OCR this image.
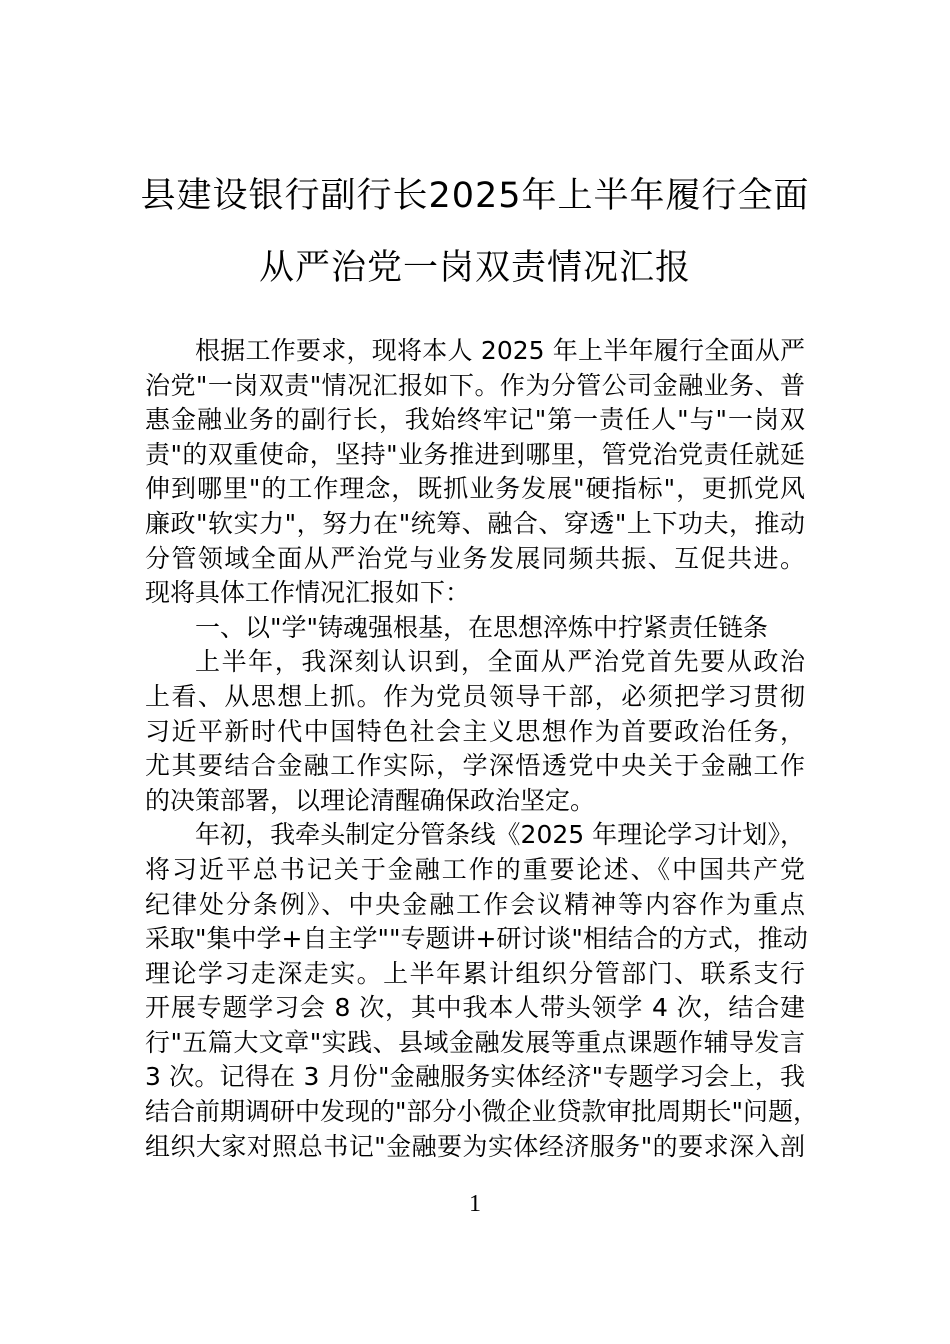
县建设银行副行长2025年上半年履行全面
从严治党一岗双责情况汇报
根据工作要求，现将本人 2025 年上半年履行全面从严
治党"一岗双责"情况汇报如下。作为分管公司金融业务、普
惠金融业务的副行长，我始终牢记"第一责任人"与"一岗双
责"的双重使命，坚持"业务推进到哪里，管党治党责任就延
伸到哪里"的工作理念，既抓业务发展"硬指标"，更抓党风
廉政"软实力"，努力在"统筹、融合、穿透"上下功夫，推动
分管领域全面从严治党与业务发展同频共振、互促共进。
现将具体工作情况汇报如下：
一、以"学"铸魂强根基，在思想淬炼中拧紧责任链条
上半年，我深刻认识到，全面从严治党首先要从政治
上看、从思想上抓。作为党员领导干部，必须把学习贯彻
习近平新时代中国特色社会主义思想作为首要政治任务，
尤其要结合金融工作实际，学深悟透党中央关于金融工作
的决策部署，以理论清醒确保政治坚定。
年初，我牵头制定分管条线《2025 年理论学习计划》，
将习近平总书记关于金融工作的重要论述、《中国共产党
纪律处分条例》、中央金融工作会议精神等内容作为重点
采取"集中学+自主学""专题讲+研讨谈"相结合的方式，推动
理论学习走深走实。上半年累计组织分管部门、联系支行
开展专题学习会 8 次，其中我本人带头领学 4 次，结合建
行"五篇大文章"实践、县域金融发展等重点课题作辅导发言
3 次。记得在 3 月份"金融服务实体经济"专题学习会上，我
结合前期调研中发现的"部分小微企业贷款审批周期长"问题，
组织大家对照总书记"金融要为实体经济服务"的要求深入剖
1
